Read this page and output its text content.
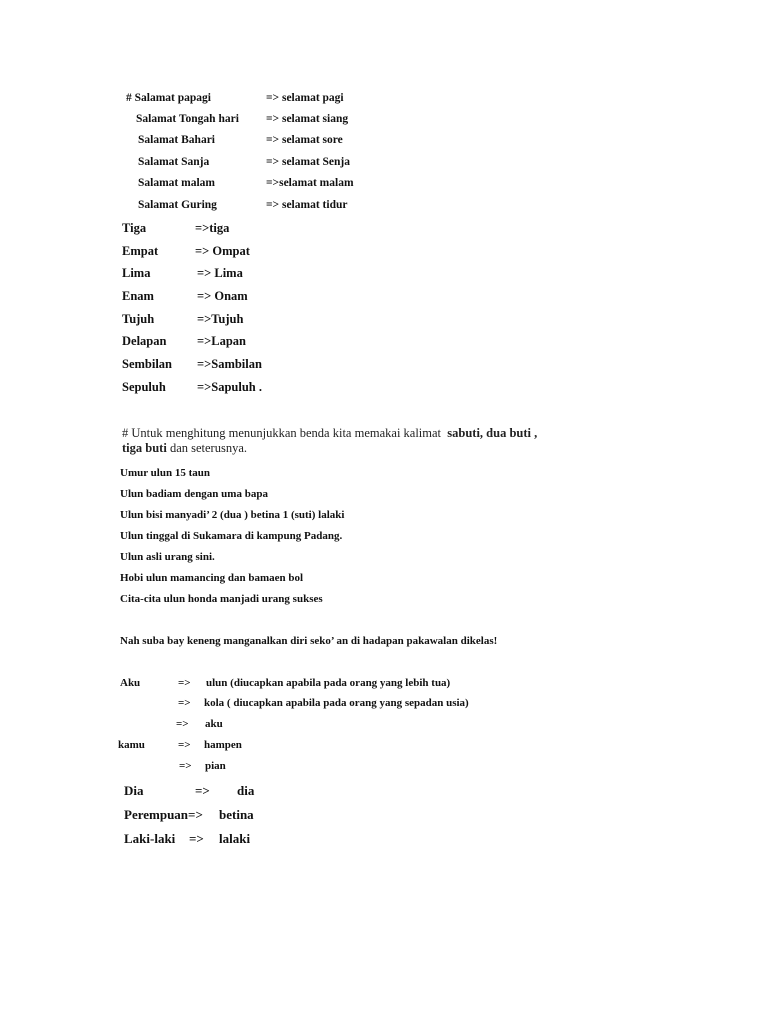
# Salamat papagi	=> selamat pagi
Salamat Tongah hari => selamat siang
Salamat Bahari	=> selamat sore
Salamat Sanja	=> selamat Senja
Salamat malam	=>selamat malam
Salamat Guring	=> selamat tidur
Tiga	=>tiga
Empat	=> Ompat
Lima	=> Lima
Enam	=> Onam
Tujuh	=>Tujuh
Delapan =>Lapan
Sembilan =>Sambilan
Sepuluh =>Sapuluh .
# Untuk menghitung menunjukkan benda kita memakai kalimat sabuti, dua buti ,
tiga buti dan seterusnya.
Umur ulun 15 taun
Ulun badiam dengan uma bapa
Ulun bisi manyadi’ 2 (dua ) betina 1 (suti) lalaki
Ulun tinggal di Sukamara di kampung Padang.
Ulun asli urang sini.
Hobi ulun mamancing dan bamaen bol
Cita-cita ulun honda manjadi urang sukses
Nah suba bay keneng manganalkan diri seko’ an di hadapan pakawalan dikelas!
Aku	=> ulun (diucapkan apabila pada orang yang lebih tua)
=> kola ( diucapkan apabila pada orang yang sepadan usia)
=> aku
kamu	=> hampen
=> pian
Dia	=> dia
Perempuan=> betina
Laki-laki => lalaki
